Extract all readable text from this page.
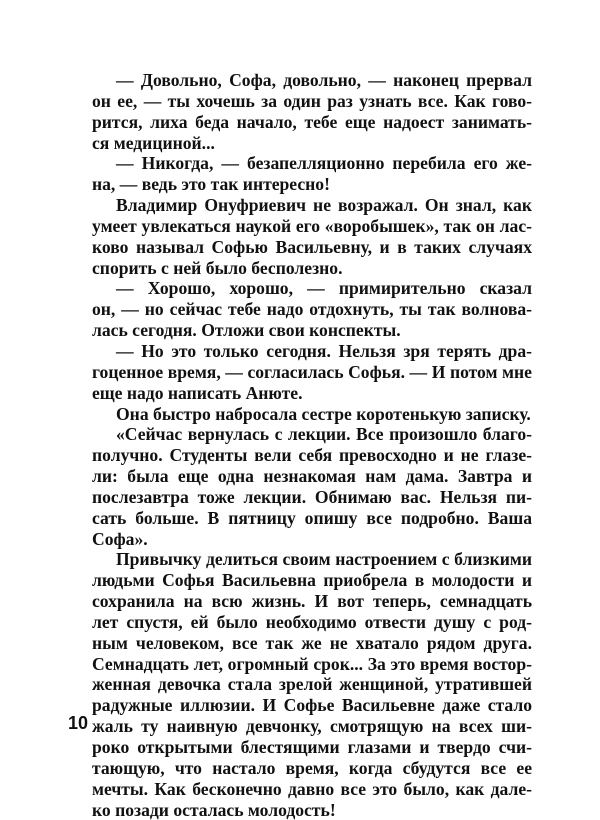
— Довольно, Софа, довольно, — наконец прервал
он ее, — ты хочешь за один раз узнать все. Как гово-
рится, лиха беда начало, тебе еще надоест занимать-
ся медициной...
— Никогда, — безапелляционно перебила его же-
на, — ведь это так интересно!
Владимир Онуфриевич не возражал. Он знал, как
умеет увлекаться наукой его «воробышек», так он лас-
ково называл Софью Васильевну, и в таких случаях
спорить с ней было бесполезно.
— Хорошо, хорошо, — примирительно сказал
он, — но сейчас тебе надо отдохнуть, ты так волнова-
лась сегодня. Отложи свои конспекты.
— Но это только сегодня. Нельзя зря терять дра-
гоценное время, — согласилась Софья. — И потом мне
еще надо написать Анюте.
Она быстро набросала сестре коротенькую записку.
«Сейчас вернулась с лекции. Все произошло благо-
получно. Студенты вели себя превосходно и не глазе-
ли: была еще одна незнакомая нам дама. Завтра и
послезавтра тоже лекции. Обнимаю вас. Нельзя пи-
сать больше. В пятницу опишу все подробно. Ваша
Софа».
Привычку делиться своим настроением с близкими
людьми Софья Васильевна приобрела в молодости и
сохранила на всю жизнь. И вот теперь, семнадцать
лет спустя, ей было необходимо отвести душу с род-
ным человеком, все так же не хватало рядом друга.
Семнадцать лет, огромный срок... За это время востор-
женная девочка стала зрелой женщиной, утратившей
радужные иллюзии. И Софье Васильевне даже стало
жаль ту наивную девчонку, смотрящую на всех ши-
роко открытыми блестящими глазами и твердо счи-
тающую, что настало время, когда сбудутся все ее
мечты. Как бесконечно давно все это было, как дале-
ко позади осталась молодость!
10
